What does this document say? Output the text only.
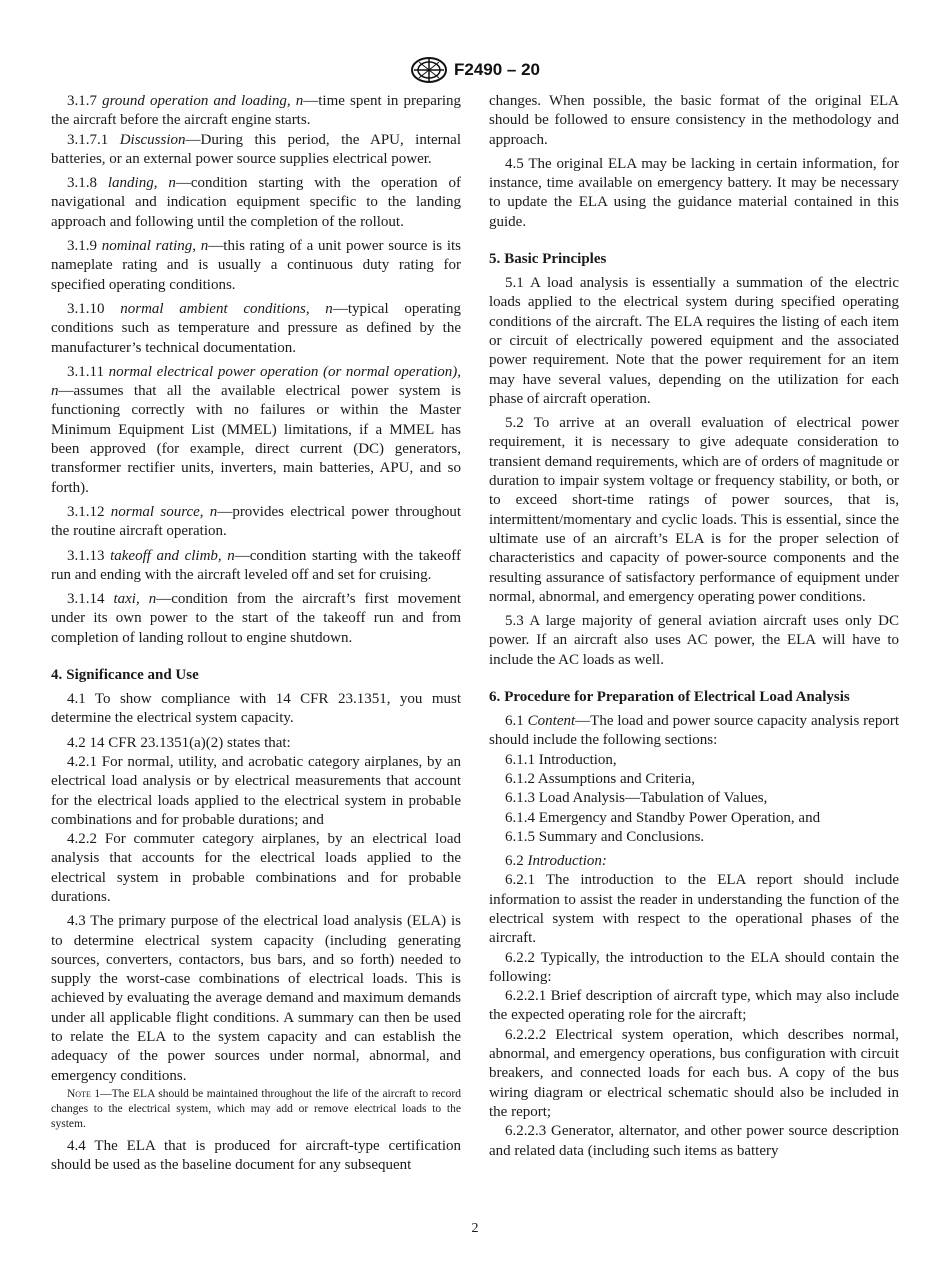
F2490 – 20

3.1.7 ground operation and loading, n—time spent in preparing the aircraft before the aircraft engine starts.

3.1.7.1 Discussion—During this period, the APU, internal batteries, or an external power source supplies electrical power.

3.1.8 landing, n—condition starting with the operation of navigational and indication equipment specific to the landing approach and following until the completion of the rollout.

3.1.9 nominal rating, n—this rating of a unit power source is its nameplate rating and is usually a continuous duty rating for specified operating conditions.

3.1.10 normal ambient conditions, n—typical operating conditions such as temperature and pressure as defined by the manufacturer’s technical documentation.

3.1.11 normal electrical power operation (or normal operation), n—assumes that all the available electrical power system is functioning correctly with no failures or within the Master Minimum Equipment List (MMEL) limitations, if a MMEL has been approved (for example, direct current (DC) generators, transformer rectifier units, inverters, main batteries, APU, and so forth).

3.1.12 normal source, n—provides electrical power throughout the routine aircraft operation.

3.1.13 takeoff and climb, n—condition starting with the takeoff run and ending with the aircraft leveled off and set for cruising.

3.1.14 taxi, n—condition from the aircraft’s first movement under its own power to the start of the takeoff run and from completion of landing rollout to engine shutdown.

4. Significance and Use

4.1 To show compliance with 14 CFR 23.1351, you must determine the electrical system capacity.

4.2 14 CFR 23.1351(a)(2) states that:

4.2.1 For normal, utility, and acrobatic category airplanes, by an electrical load analysis or by electrical measurements that account for the electrical loads applied to the electrical system in probable combinations and for probable durations; and

4.2.2 For commuter category airplanes, by an electrical load analysis that accounts for the electrical loads applied to the electrical system in probable combinations and for probable durations.

4.3 The primary purpose of the electrical load analysis (ELA) is to determine electrical system capacity (including generating sources, converters, contactors, bus bars, and so forth) needed to supply the worst-case combinations of electrical loads. This is achieved by evaluating the average demand and maximum demands under all applicable flight conditions. A summary can then be used to relate the ELA to the system capacity and can establish the adequacy of the power sources under normal, abnormal, and emergency conditions.

Note 1—The ELA should be maintained throughout the life of the aircraft to record changes to the electrical system, which may add or remove electrical loads to the system.

4.4 The ELA that is produced for aircraft-type certification should be used as the baseline document for any subsequent

changes. When possible, the basic format of the original ELA should be followed to ensure consistency in the methodology and approach.

4.5 The original ELA may be lacking in certain information, for instance, time available on emergency battery. It may be necessary to update the ELA using the guidance material contained in this guide.

5. Basic Principles

5.1 A load analysis is essentially a summation of the electric loads applied to the electrical system during specified operating conditions of the aircraft. The ELA requires the listing of each item or circuit of electrically powered equipment and the associated power requirement. Note that the power requirement for an item may have several values, depending on the utilization for each phase of aircraft operation.

5.2 To arrive at an overall evaluation of electrical power requirement, it is necessary to give adequate consideration to transient demand requirements, which are of orders of magnitude or duration to impair system voltage or frequency stability, or both, or to exceed short-time ratings of power sources, that is, intermittent/momentary and cyclic loads. This is essential, since the ultimate use of an aircraft’s ELA is for the proper selection of characteristics and capacity of power-source components and the resulting assurance of satisfactory performance of equipment under normal, abnormal, and emergency operating power conditions.

5.3 A large majority of general aviation aircraft uses only DC power. If an aircraft also uses AC power, the ELA will have to include the AC loads as well.

6. Procedure for Preparation of Electrical Load Analysis

6.1 Content—The load and power source capacity analysis report should include the following sections:

6.1.1 Introduction,

6.1.2 Assumptions and Criteria,

6.1.3 Load Analysis—Tabulation of Values,

6.1.4 Emergency and Standby Power Operation, and

6.1.5 Summary and Conclusions.

6.2 Introduction:

6.2.1 The introduction to the ELA report should include information to assist the reader in understanding the function of the electrical system with respect to the operational phases of the aircraft.

6.2.2 Typically, the introduction to the ELA should contain the following:

6.2.2.1 Brief description of aircraft type, which may also include the expected operating role for the aircraft;

6.2.2.2 Electrical system operation, which describes normal, abnormal, and emergency operations, bus configuration with circuit breakers, and connected loads for each bus. A copy of the bus wiring diagram or electrical schematic should also be included in the report;

6.2.2.3 Generator, alternator, and other power source description and related data (including such items as battery

2
